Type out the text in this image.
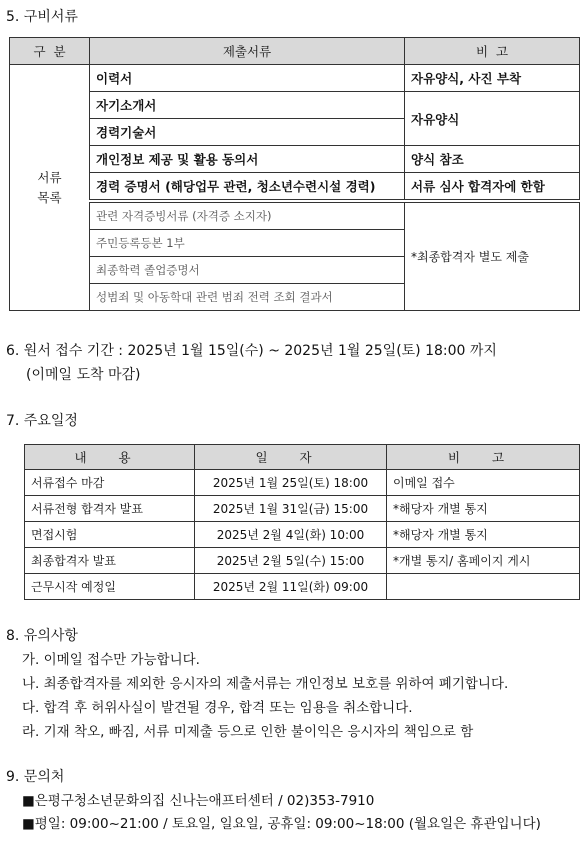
5. 구비서류
구  분	제출서류	비  고

서류
목록	이력서	자유양식, 사진 부착
	자기소개서	자유양식
	경력기술서	
	개인정보 제공 및 활용 동의서	양식 참조
	경력 증명서 (해당업무 관련, 청소년수련시설 경력)	서류 심사 합격자에 한함
	관련 자격증빙서류 (자격증 소지자)	*최종합격자 별도 제출
	주민등록등본 1부	
	최종학력 졸업증명서	
	성범죄 및 아동학대 관련 범죄 전력 조회 결과서	
6. 원서 접수 기간 : 2025년 1월 15일(수) ~ 2025년 1월 25일(토) 18:00 까지
(이메일 도착 마감)
7. 주요일정
내 용	일 자	비 고
서류접수 마감	2025년 1월 25일(토) 18:00	이메일 접수
서류전형 합격자 발표	2025년 1월 31일(금) 15:00	*해당자 개별 통지
면접시험	2025년 2월 4일(화) 10:00	*해당자 개별 통지
최종합격자 발표	2025년 2월 5일(수) 15:00	*개별 통지/ 홈페이지 게시
근무시작 예정일	2025년 2월 11일(화) 09:00	
8. 유의사항
가. 이메일 접수만 가능합니다.
나. 최종합격자를 제외한 응시자의 제출서류는 개인정보 보호를 위하여 폐기합니다.
다. 합격 후 허위사실이 발견될 경우, 합격 또는 임용을 취소합니다.
라. 기재 착오, 빠짐, 서류 미제출 등으로 인한 불이익은 응시자의 책임으로 함
9. 문의처
■은평구청소년문화의집 신나는애프터센터 / 02)353-7910
■평일: 09:00~21:00 / 토요일, 일요일, 공휴일: 09:00~18:00 (월요일은 휴관입니다)
